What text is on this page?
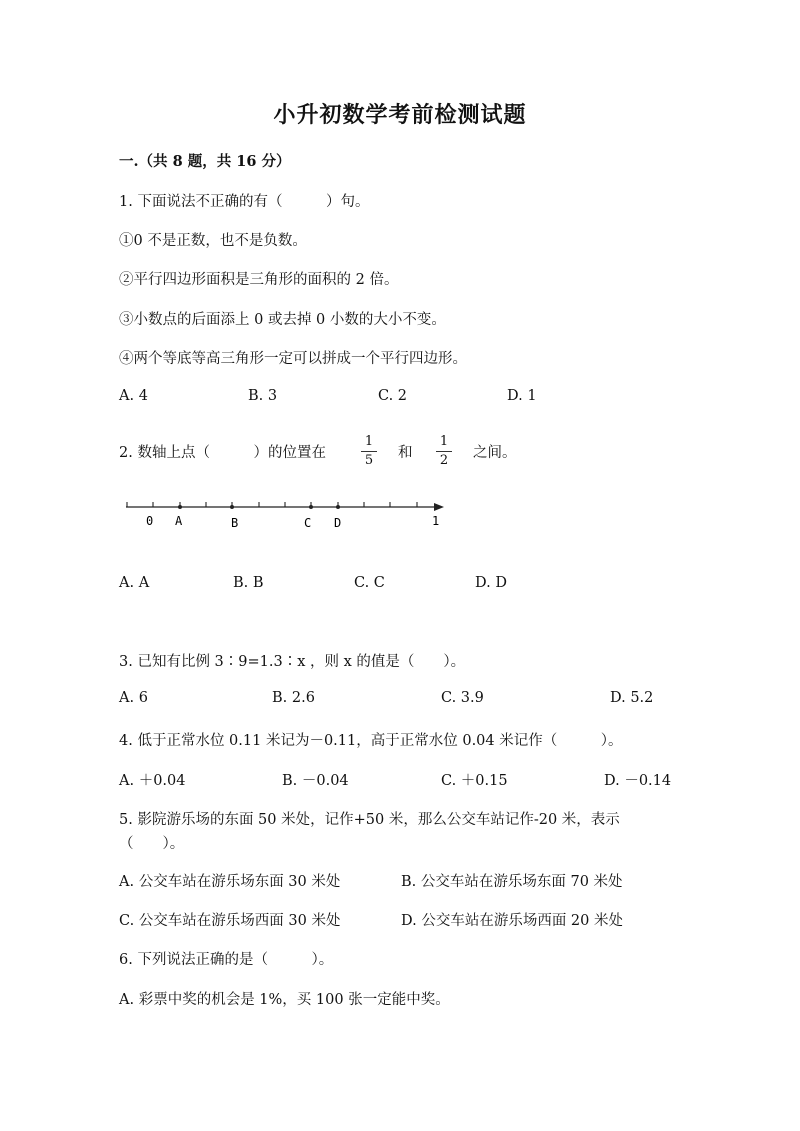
小升初数学考前检测试题
一.（共 8 题，共 16 分）
1. 下面说法不正确的有（　　　）句。
①0 不是正数，也不是负数。
②平行四边形面积是三角形的面积的 2 倍。
③小数点的后面添上 0 或去掉 0 小数的大小不变。
④两个等底等高三角形一定可以拼成一个平行四边形。
A. 4	B. 3	C. 2	D. 1
2. 数轴上点（　　　）的位置在
1
5 和
1
2 之间。
0 A	B	C D	1
A. A	B. B	C. C	D. D
3. 已知有比例 3∶9=1.3∶x ，则 x 的值是（　　）。
A. 6	B. 2.6	C. 3.9	D. 5.2
4. 低于正常水位 0.11 米记为－0.11，高于正常水位 0.04 米记作（　　　）。
A. ＋0.04	B. －0.04	C. ＋0.15	D. －0.14
5. 影院游乐场的东面 50 米处，记作+50 米，那么公交车站记作-20 米，表示
（　　）。
A. 公交车站在游乐场东面 30 米处	B. 公交车站在游乐场东面 70 米处
C. 公交车站在游乐场西面 30 米处	D. 公交车站在游乐场西面 20 米处
6. 下列说法正确的是（　　　）。
A. 彩票中奖的机会是 1%，买 100 张一定能中奖。
